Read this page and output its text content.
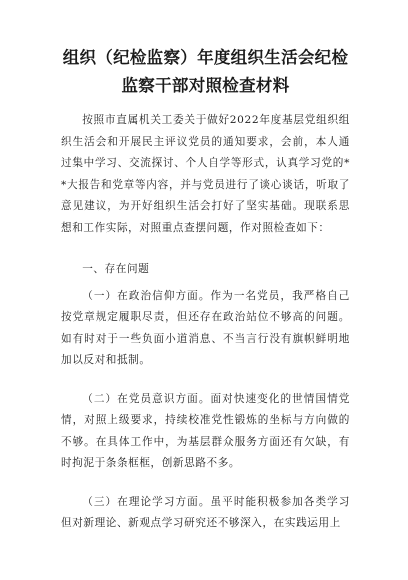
组织（纪检监察）年度组织生活会纪检监察干部对照检查材料

按照市直属机关工委关于做好2022年度基层党组织组织生活会和开展民主评议党员的通知要求，会前，本人通过集中学习、交流探讨、个人自学等形式，认真学习党的**大报告和党章等内容，并与党员进行了谈心谈话，听取了意见建议，为开好组织生活会打好了坚实基础。现联系思想和工作实际，对照重点查摆问题，作对照检查如下：

一、存在问题

（一）在政治信仰方面。作为一名党员，我严格自己按党章规定履职尽责，但还存在政治站位不够高的问题。如有时对于一些负面小道消息、不当言行没有旗帜鲜明地加以反对和抵制。

（二）在党员意识方面。面对快速变化的世情国情党情，对照上级要求，持续校准党性锻炼的坐标与方向做的不够。在具体工作中，为基层群众服务方面还有欠缺，有时拘泥于条条框框，创新思路不多。

（三）在理论学习方面。虽平时能积极参加各类学习但对新理论、新观点学习研究还不够深入，在实践运用上
